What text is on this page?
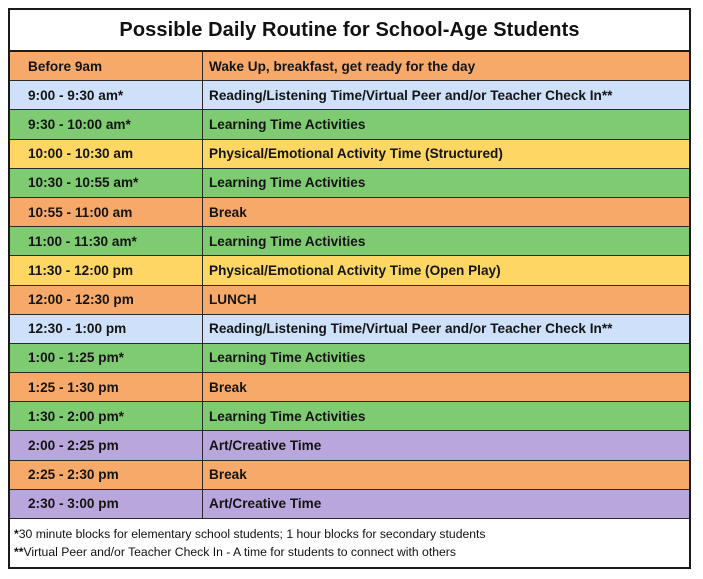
Possible Daily Routine for School-Age Students
Before 9am	Wake Up, breakfast, get ready for the day
9:00 - 9:30 am*	Reading/Listening Time/Virtual Peer and/or Teacher Check In**
9:30 - 10:00 am*	Learning Time Activities
10:00 - 10:30 am	Physical/Emotional Activity Time (Structured)
10:30 - 10:55 am*	Learning Time Activities
10:55 - 11:00 am	Break
11:00 - 11:30 am*	Learning Time Activities
11:30 - 12:00 pm	Physical/Emotional Activity Time (Open Play)
12:00 - 12:30 pm	LUNCH
12:30 - 1:00 pm	Reading/Listening Time/Virtual Peer and/or Teacher Check In**
1:00 - 1:25 pm*	Learning Time Activities
1:25 - 1:30 pm	Break
1:30 - 2:00 pm*	Learning Time Activities
2:00 - 2:25 pm	Art/Creative Time
2:25 - 2:30 pm	Break
2:30 - 3:00 pm	Art/Creative Time
*30 minute blocks for elementary school students; 1 hour blocks for secondary students
**Virtual Peer and/or Teacher Check In - A time for students to connect with others
